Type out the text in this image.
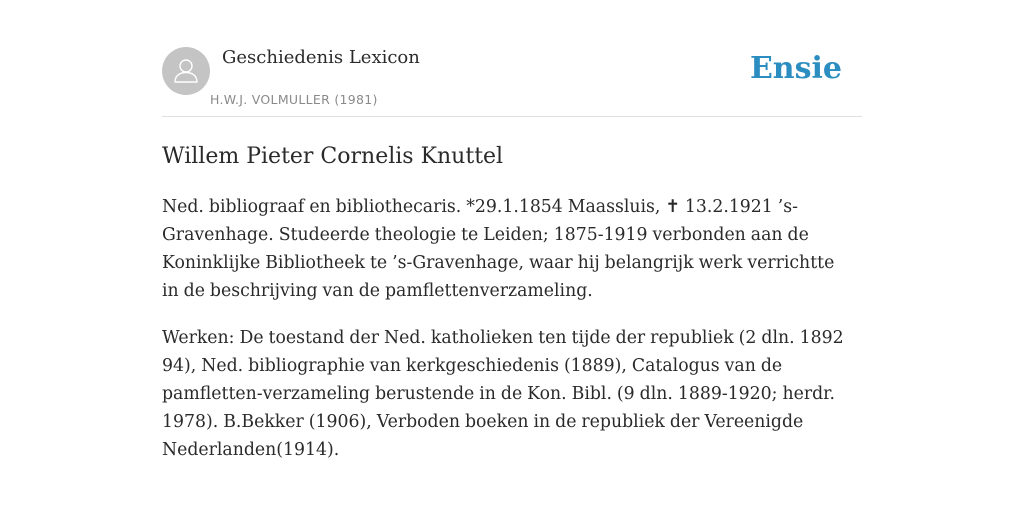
Geschiedenis Lexicon
H.W.J. VOLMULLER (1981)
Ensie
Willem Pieter Cornelis Knuttel

Ned. bibliograaf en bibliothecaris. *29.1.1854 Maassluis, ✝ 13.2.1921 ’s-Gravenhage. Studeerde theologie te Leiden; 1875-1919 verbonden aan de Koninklijke Bibliotheek te ’s-Gravenhage, waar hij belangrijk werk verrichtte in de beschrijving van de pamflettenverzameling.

Werken: De toestand der Ned. katholieken ten tijde der republiek (2 dln. 1892 94), Ned. bibliographie van kerkgeschiedenis (1889), Catalogus van de pamfletten-verzameling berustende in de Kon. Bibl. (9 dln. 1889-1920; herdr. 1978). B.Bekker (1906), Verboden boeken in de republiek der Vereenigde Nederlanden(1914).
